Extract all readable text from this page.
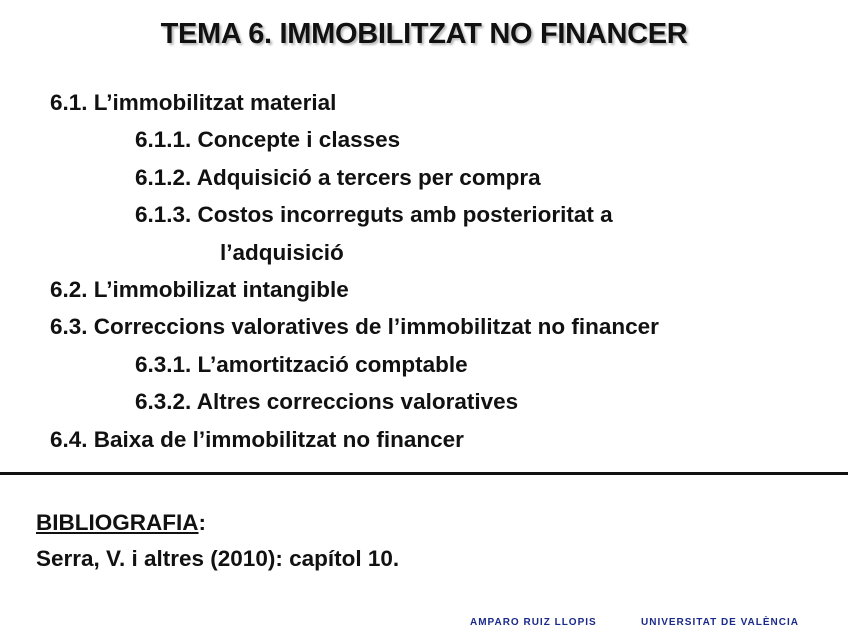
TEMA 6. IMMOBILITZAT NO FINANCER
6.1. L’immobilitzat material
6.1.1. Concepte i classes
6.1.2. Adquisició a tercers per compra
6.1.3. Costos incorreguts amb posterioritat a
l’adquisició
6.2. L’immobilizat intangible
6.3. Correccions valoratives de l’immobilitzat no financer
6.3.1. L’amortització comptable
6.3.2. Altres correccions valoratives
6.4. Baixa de l’immobilitzat no financer
BIBLIOGRAFIA:
Serra, V. i altres (2010): capítol 10.
AMPARO RUIZ LLOPIS	UNIVERSITAT DE VALÈNCIA
